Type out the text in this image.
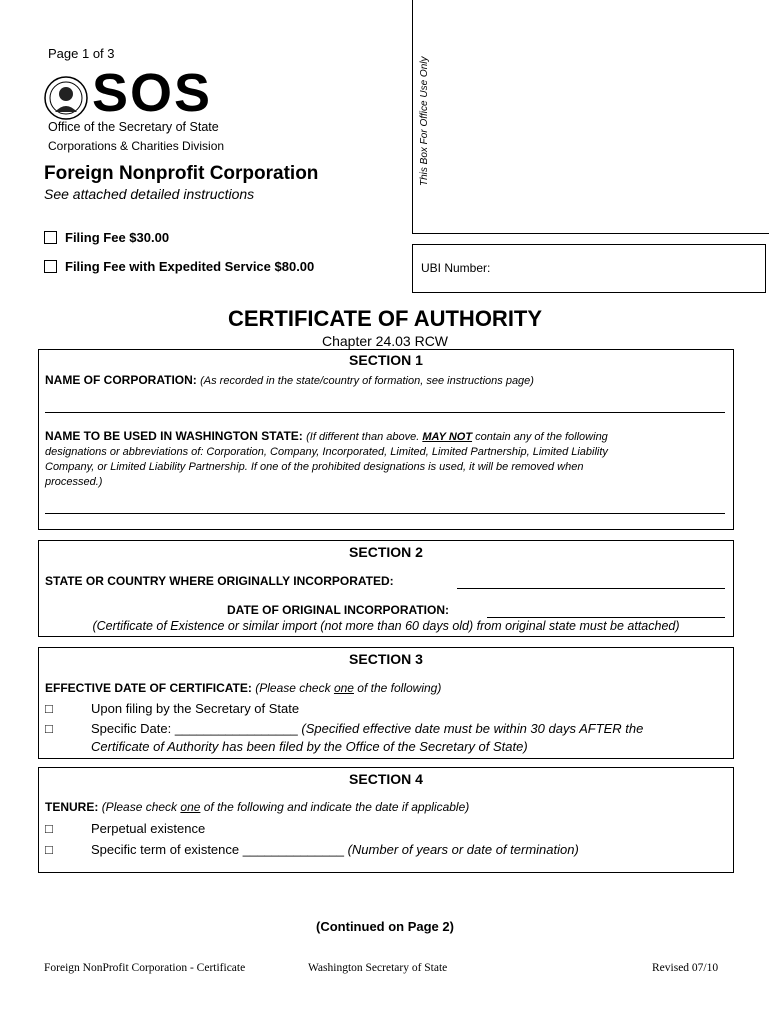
Page 1 of 3
SOS
Office of the Secretary of State
Corporations & Charities Division
Foreign Nonprofit Corporation
See attached detailed instructions
This Box For Office Use Only
Filing Fee $30.00
Filing Fee with Expedited Service $80.00	UBI Number:
CERTIFICATE OF AUTHORITY
Chapter 24.03 RCW
SECTION 1
NAME OF CORPORATION: (As recorded in the state/country of formation, see instructions page)
NAME TO BE USED IN WASHINGTON STATE: (If different than above. MAY NOT contain any of the following
designations or abbreviations of: Corporation, Company, Incorporated, Limited, Limited Partnership, Limited Liability
Company, or Limited Liability Partnership. If one of the prohibited designations is used, it will be removed when
processed.)
SECTION 2
STATE OR COUNTRY WHERE ORIGINALLY INCORPORATED:
DATE OF ORIGINAL INCORPORATION:
(Certificate of Existence or similar import (not more than 60 days old) from original state must be attached)
SECTION 3
EFFECTIVE DATE OF CERTIFICATE: (Please check one of the following)
□	Upon filing by the Secretary of State
□	Specific Date: _________________ (Specified effective date must be within 30 days AFTER the
Certificate of Authority has been filed by the Office of the Secretary of State)
SECTION 4
TENURE: (Please check one of the following and indicate the date if applicable)
□	Perpetual existence
□	Specific term of existence ______________ (Number of years or date of termination)
(Continued on Page 2)
Foreign NonProfit Corporation - Certificate	Washington Secretary of State	Revised 07/10
